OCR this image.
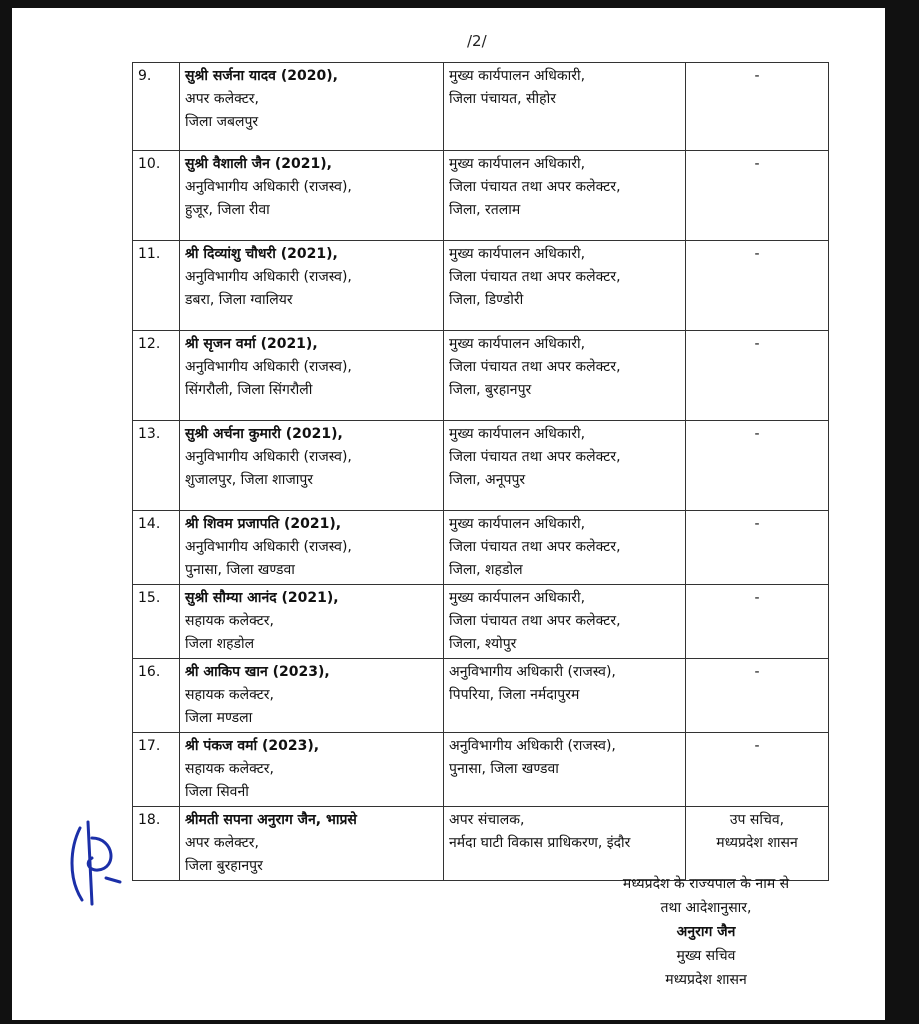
/2/
9.	सुश्री सर्जना यादव (2020),
अपर कलेक्टर,
जिला जबलपुर	मुख्य कार्यपालन अधिकारी,
जिला पंचायत, सीहोर	-

10.	सुश्री वैशाली जैन (2021),
अनुविभागीय अधिकारी (राजस्व),
हुजूर, जिला रीवा	मुख्य कार्यपालन अधिकारी,
जिला पंचायत तथा अपर कलेक्टर,
जिला, रतलाम	-

11.	श्री दिव्यांशु चौधरी (2021),
अनुविभागीय अधिकारी (राजस्व),
डबरा, जिला ग्वालियर	मुख्य कार्यपालन अधिकारी,
जिला पंचायत तथा अपर कलेक्टर,
जिला, डिण्डोरी	-

12.	श्री सृजन वर्मा (2021),
अनुविभागीय अधिकारी (राजस्व),
सिंगरौली, जिला सिंगरौली	मुख्य कार्यपालन अधिकारी,
जिला पंचायत तथा अपर कलेक्टर,
जिला, बुरहानपुर	-

13.	सुश्री अर्चना कुमारी (2021),
अनुविभागीय अधिकारी (राजस्व),
शुजालपुर, जिला शाजापुर	मुख्य कार्यपालन अधिकारी,
जिला पंचायत तथा अपर कलेक्टर,
जिला, अनूपपुर	-

14.	श्री शिवम प्रजापति (2021),
अनुविभागीय अधिकारी (राजस्व),
पुनासा, जिला खण्डवा	मुख्य कार्यपालन अधिकारी,
जिला पंचायत तथा अपर कलेक्टर,
जिला, शहडोल	-

15.	सुश्री सौम्या आनंद (2021),
सहायक कलेक्टर,
जिला शहडोल	मुख्य कार्यपालन अधिकारी,
जिला पंचायत तथा अपर कलेक्टर,
जिला, श्योपुर	-

16.	श्री आकिप खान (2023),
सहायक कलेक्टर,
जिला मण्डला	अनुविभागीय अधिकारी (राजस्व),
पिपरिया, जिला नर्मदापुरम	-

17.	श्री पंकज वर्मा (2023),
सहायक कलेक्टर,
जिला सिवनी	अनुविभागीय अधिकारी (राजस्व),
पुनासा, जिला खण्डवा	-

18.	श्रीमती सपना अनुराग जैन, भाप्रसे
अपर कलेक्टर,
जिला बुरहानपुर	अपर संचालक,
नर्मदा घाटी विकास प्राधिकरण, इंदौर	उप सचिव,
मध्यप्रदेश शासन
मध्यप्रदेश के राज्यपाल के नाम से
तथा आदेशानुसार,
अनुराग जैन
मुख्य सचिव
मध्यप्रदेश शासन
